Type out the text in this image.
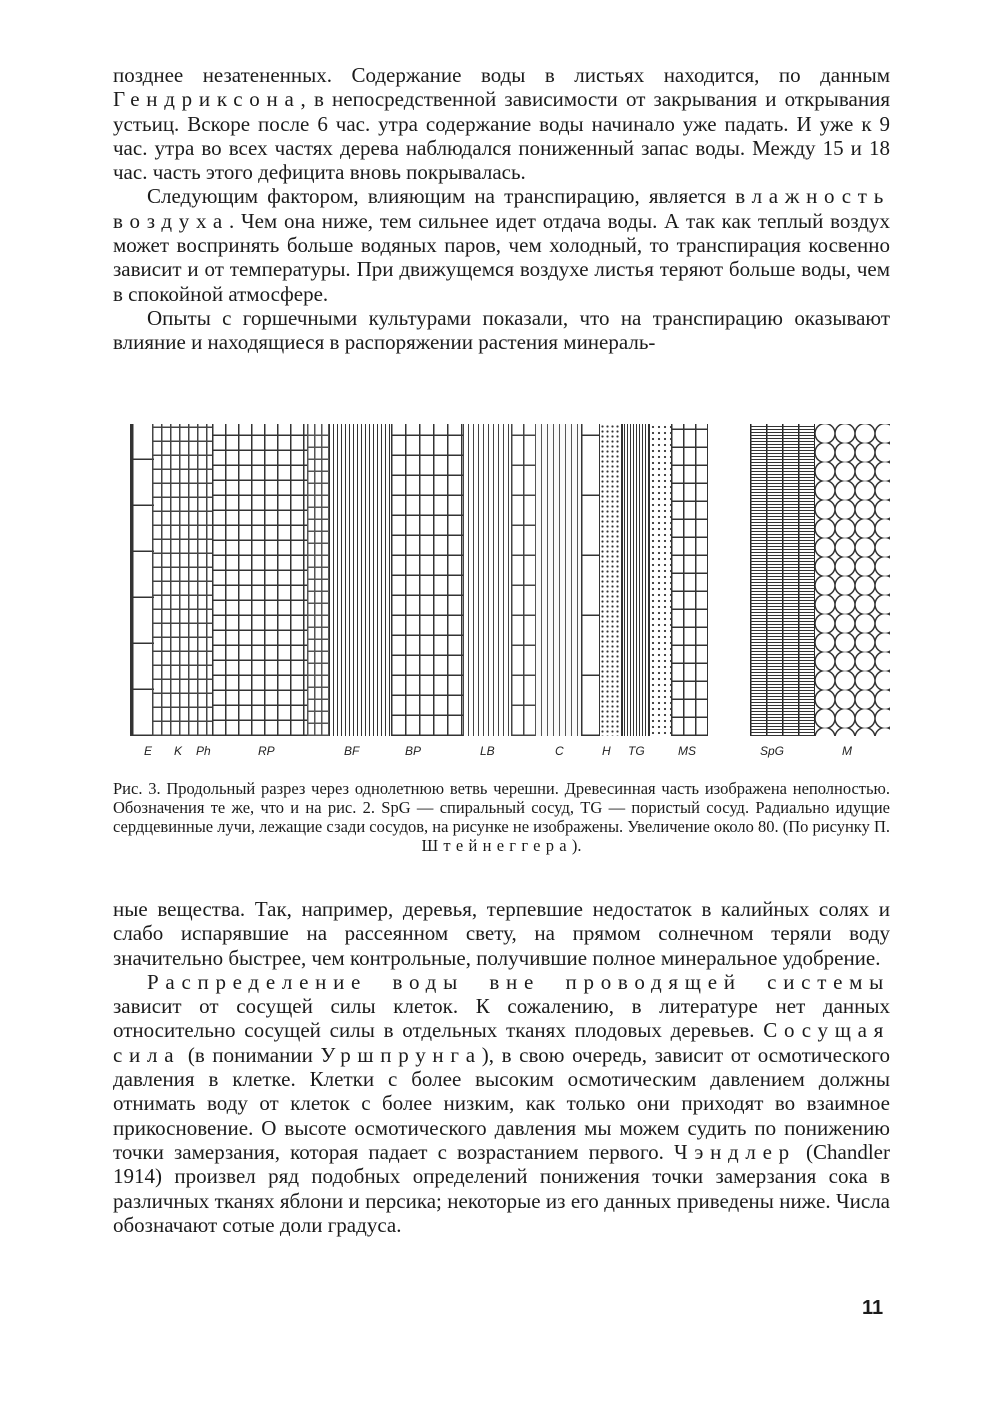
позднее незатененных. Содержание воды в листьях находится, по данным Гендриксона, в непосредственной зависимости от закрывания и открывания устьиц. Вскоре после 6 час. утра содержание воды начинало уже падать. И уже к 9 час. утра во всех частях дерева наблюдался пониженный запас воды. Между 15 и 18 час. часть этого дефицита вновь покрывалась.

Следующим фактором, влияющим на транспирацию, является влажность воздуха. Чем она ниже, тем сильнее идет отдача воды. А так как теплый воздух может воспринять больше водяных паров, чем холодный, то транспирация косвенно зависит и от температуры. При движущемся воздухе листья теряют больше воды, чем в спокойной атмосфере.

Опыты с горшечными культурами показали, что на транспирацию оказывают влияние и находящиеся в распоряжении растения минераль-

E K Ph	RP	BF	BP	LB	C	H TG	MS	SpG	M

Рис. 3. Продольный разрез через однолетнюю ветвь черешни. Древесинная часть изображена неполностью. Обозначения те же, что и на рис. 2. SpG — спиральный сосуд, TG — пористый сосуд. Радиально идущие сердцевинные лучи, лежащие сзади сосудов, на рисунке не изображены. Увеличение около 80. (По рисунку П. Штейнеггера).

ные вещества. Так, например, деревья, терпевшие недостаток в калийных солях и слабо испарявшие на рассеянном свету, на прямом солнечном теряли воду значительно быстрее, чем контрольные, получившие полное минеральное удобрение.

Распределение воды вне проводящей системы зависит от сосущей силы клеток. К сожалению, в литературе нет данных относительно сосущей силы в отдельных тканях плодовых деревьев. Сосущая сила (в понимании Уршпрунга), в свою очередь, зависит от осмотического давления в клетке. Клетки с более высоким осмотическим давлением должны отнимать воду от клеток с более низким, как только они приходят во взаимное прикосновение. О высоте осмотического давления мы можем судить по понижению точки замерзания, которая падает с возрастанием первого. Чэндлер (Chandler 1914) произвел ряд подобных определений понижения точки замерзания сока в различных тканях яблони и персика; некоторые из его данных приведены ниже. Числа обозначают сотые доли градуса.

11
